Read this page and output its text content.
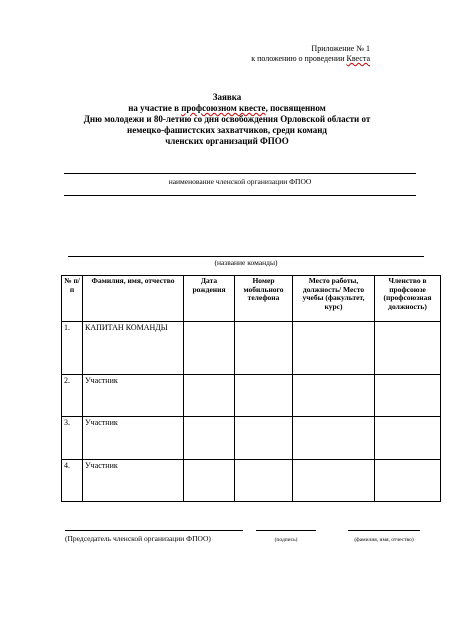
Приложение № 1
к положению о проведении Квеста
Заявка
на участие в профсоюзном квесте, посвященном
Дню молодежи и 80-летию со дня освобождения Орловской области от
немецко-фашистских захватчиков, среди команд
членских организаций ФПОО
наименование членской организации ФПОО
(название команды)
№ п/п	Фамилия, имя, отчество	Дата рождения	Номер мобильного телефона	Место работы, должность/ Место учебы (факультет, курс)	Членство в профсоюзе (профсоюзная должность)
1.	КАПИТАН КОМАНДЫ				
2.	Участник				
3.	Участник				
4.	Участник				
(Председатель членской организации ФПОО)	(подпись)	(фамилия, имя, отчество)
